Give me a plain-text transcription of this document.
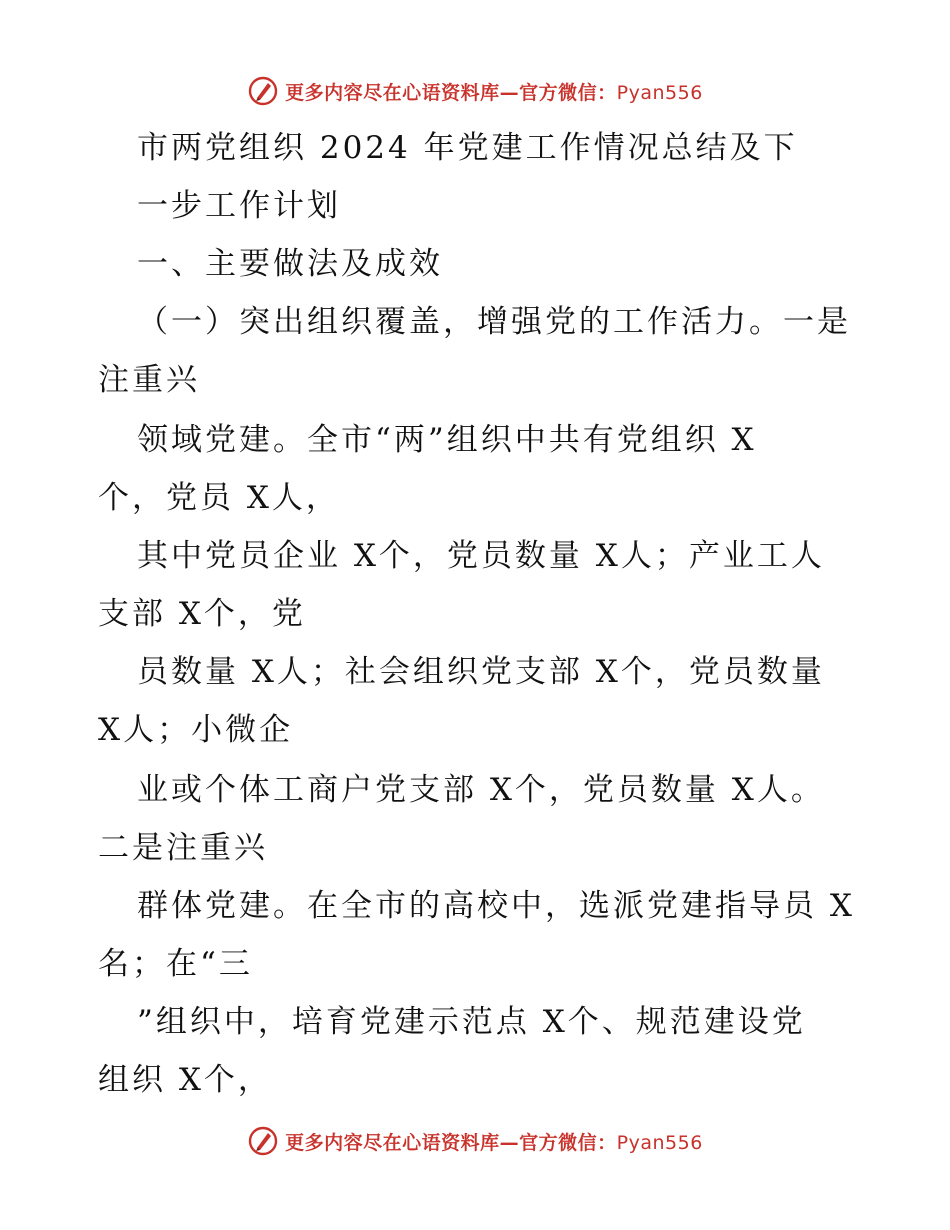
更多内容尽在心语资料库—官方微信：Pyan556
市两党组织 2024 年党建工作情况总结及下
一步工作计划
一、主要做法及成效
（一）突出组织覆盖，增强党的工作活力。一是
注重兴
领域党建。全市“两”组织中共有党组织 X
个，党员 X人，
其中党员企业 X个，党员数量 X人；产业工人
支部 X个，党
员数量 X人；社会组织党支部 X个，党员数量
X人；小微企
业或个体工商户党支部 X个，党员数量 X人。
二是注重兴
群体党建。在全市的高校中，选派党建指导员 X
名；在“三
”组织中，培育党建示范点 X个、规范建设党
组织 X个，
更多内容尽在心语资料库—官方微信：Pyan556
